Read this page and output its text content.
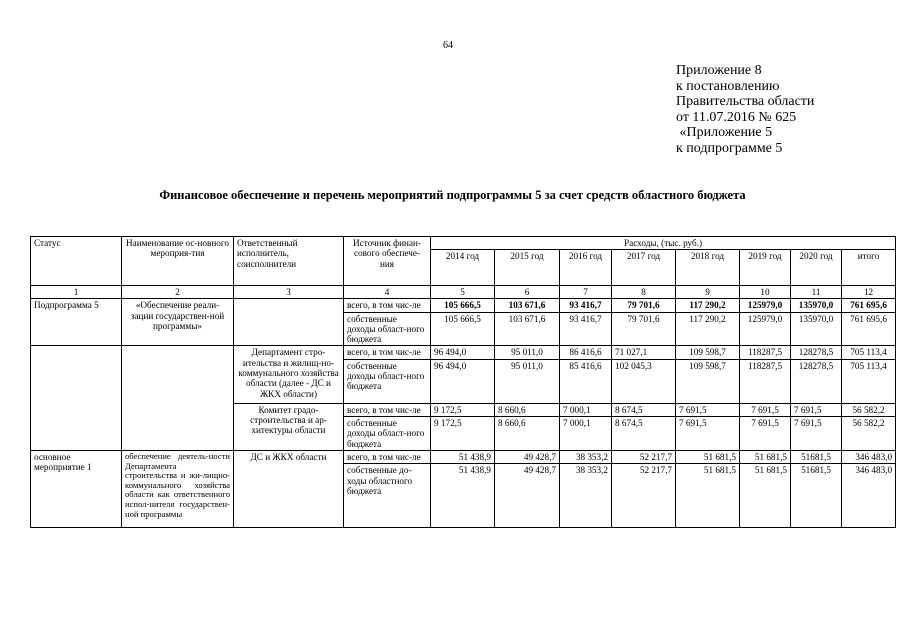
64
Приложение 8
к постановлению
Правительства области
от 11.07.2016 № 625
«Приложение 5
к подпрограмме 5
Финансовое обеспечение и перечень мероприятий подпрограммы 5 за счет средств областного бюджета
Статус	Наименование ос-новного мероприя-тия	Ответственный исполнитель, соисполнители	Источник финан-сового обеспече-ния	Расходы, (тыс. руб.)							
				2014 год	2015 год	2016 год	2017 год	2018 год	2019 год	2020 год	итого
1	2	3	4	5	6	7	8	9	10	11	12
Подпрограмма 5	«Обеспечение реали-зации государствен-ной программы»		всего, в том чис-ле	105 666,5	103 671,6	93 416,7	79 701,6	117 290,2	125979,0	135970,0	761 695,6
			собственные доходы област-ного бюджета	105 666,5	103 671,6	93 416,7	79 701,6	117 290,2	125979,0	135970,0	761 695,6
		Департамент стро-ительства и жилищ-но-коммунального хозяйства области (далее - ДС и ЖКХ области)	всего, в том чис-ле	96 494,0	95 011,0	86 416,6	71 027,1	109 598,7	118287,5	128278,5	705 113,4
			собственные доходы област-ного бюджета	96 494,0	95 011,0	85 416,6	102 045,3	109 598,7	118287,5	128278,5	705 113,4
		Комитет градо-строительства и ар-хитектуры области	всего, в том чис-ле	9 172,5	8 660,6	7 000,1	8 674,5	7 691,5	7 691,5	7 691,5	56 582,2
			собственные доходы област-ного бюджета	9 172,5	8 660,6	7 000,1	8 674,5	7 691,5	7 691,5	7 691,5	56 582,2
основное мероприятие 1	обеспечение деятель-ности Департамента строительства и жи-лищно-коммунального хозяйства области как ответственного испол-нителя государствен-ной программы	ДС и ЖКХ области	всего, в том чис-ле	51 438,9	49 428,7	38 353,2	52 217,7	51 681,5	51 681,5	51681,5	346 483,0
			собственные до-ходы областного бюджета	51 438,9	49 428,7	38 353,2	52 217,7	51 681,5	51 681,5	51681,5	346 483,0
